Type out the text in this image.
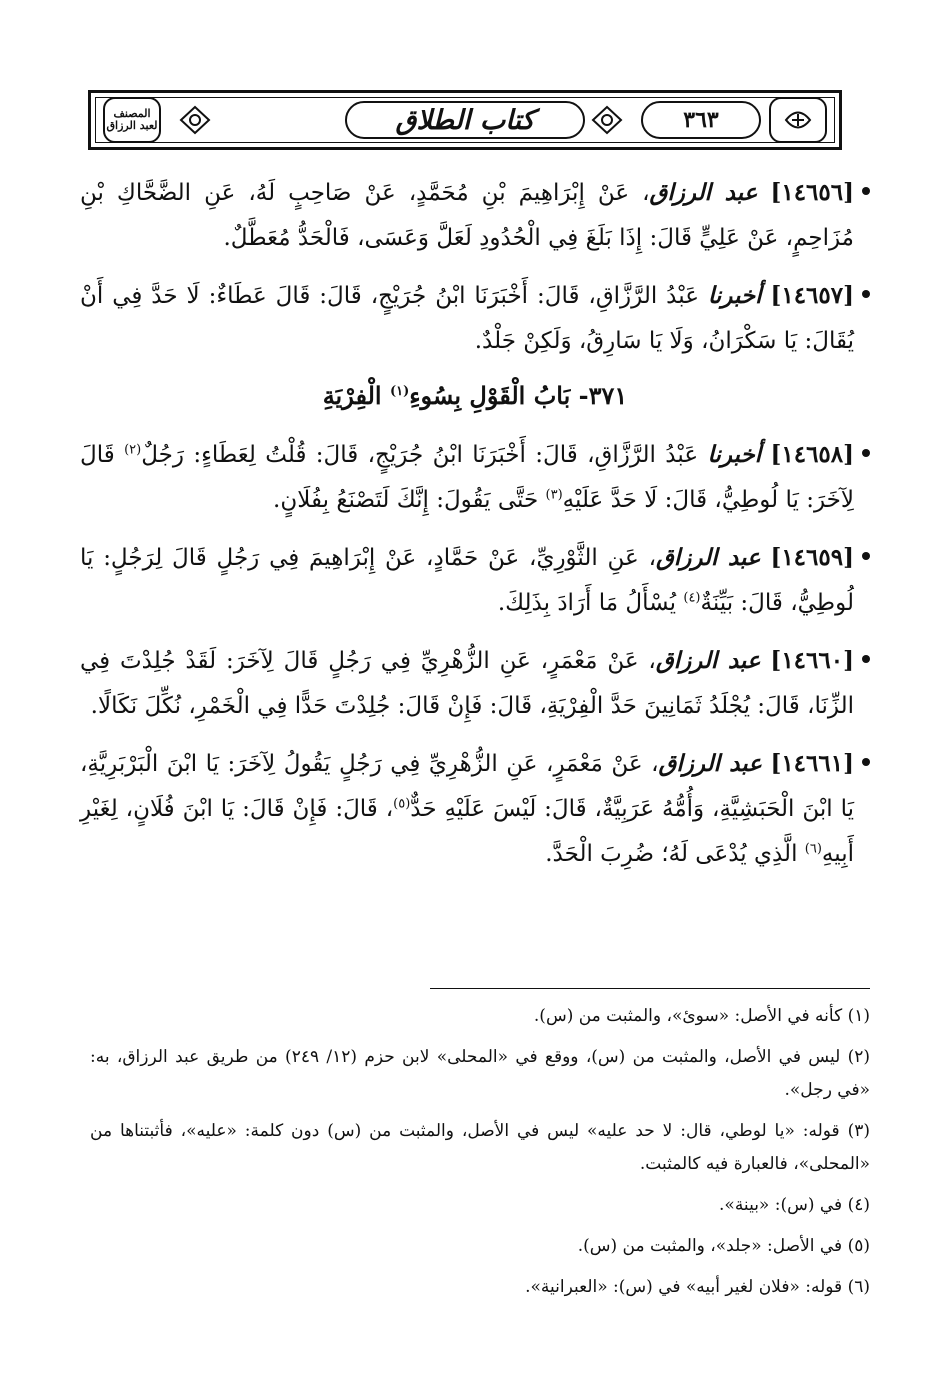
المصنف
لعبد الرزاق	كتاب الطلاق	٣٦٣

[١٤٦٥٦] عبد الرزاق، عَنْ إِبْرَاهِيمَ بْنِ مُحَمَّدٍ، عَنْ صَاحِبٍ لَهُ، عَنِ الضَّحَّاكِ بْنِ مُزَاحِمٍ، عَنْ عَلِيٍّ قَالَ: إِذَا بَلَغَ فِي الْحُدُودِ لَعَلَّ وَعَسَى، فَالْحَدُّ مُعَطَّلٌ.

[١٤٦٥٧] أخبرنا عَبْدُ الرَّزَّاقِ، قَالَ: أَخْبَرَنَا ابْنُ جُرَيْجٍ، قَالَ: قَالَ عَطَاءٌ: لَا حَدَّ فِي أَنْ يُقَالَ: يَا سَكْرَانُ، وَلَا يَا سَارِقُ، وَلَكِنْ جَلْدٌ.

٣٧١- بَابُ الْقَوْلِ بِسُوءِ$^{(١)}$ الْفِرْيَةِ

[١٤٦٥٨] أخبرنا عَبْدُ الرَّزَّاقِ، قَالَ: أَخْبَرَنَا ابْنُ جُرَيْجٍ، قَالَ: قُلْتُ لِعَطَاءٍ: رَجُلٌ$^{(٢)}$ قَالَ لِآخَرَ: يَا لُوطِيُّ، قَالَ: لَا حَدَّ عَلَيْهِ$^{(٣)}$ حَتَّى يَقُولَ: إِنَّكَ لَتَصْنَعُ بِفُلَانٍ.

[١٤٦٥٩] عبد الرزاق، عَنِ الثَّوْرِيِّ، عَنْ حَمَّادٍ، عَنْ إِبْرَاهِيمَ فِي رَجُلٍ قَالَ لِرَجُلٍ: يَا لُوطِيُّ، قَالَ: بَيِّنَةٌ$^{(٤)}$ يُسْأَلُ مَا أَرَادَ بِذَلِكَ.

[١٤٦٦٠] عبد الرزاق، عَنْ مَعْمَرٍ، عَنِ الزُّهْرِيِّ فِي رَجُلٍ قَالَ لِآخَرَ: لَقَدْ جُلِدْتَ فِي الزِّنَا، قَالَ: يُجْلَدُ ثَمَانِينَ حَدَّ الْفِرْيَةِ، قَالَ: فَإِنْ قَالَ: جُلِدْتَ حَدًّا فِي الْخَمْرِ، نُكِّلَ نَكَالًا.

[١٤٦٦١] عبد الرزاق، عَنْ مَعْمَرٍ، عَنِ الزُّهْرِيِّ فِي رَجُلٍ يَقُولُ لِآخَرَ: يَا ابْنَ الْبَرْبَرِيَّةِ، يَا ابْنَ الْحَبَشِيَّةِ، وَأُمُّهُ عَرَبِيَّةٌ، قَالَ: لَيْسَ عَلَيْهِ حَدٌّ$^{(٥)}$، قَالَ: فَإِنْ قَالَ: يَا ابْنَ فُلَانٍ، لِغَيْرِ أَبِيهِ$^{(٦)}$ الَّذِي يُدْعَى لَهُ؛ ضُرِبَ الْحَدَّ.

(١) كأنه في الأصل: «سوئ»، والمثبت من (س).

(٢) ليس في الأصل، والمثبت من (س)، ووقع في «المحلى» لابن حزم (١٢/ ٢٤٩) من طريق عبد الرزاق، به: «في رجل».

(٣) قوله: «يا لوطي، قال: لا حد عليه» ليس في الأصل، والمثبت من (س) دون كلمة: «عليه»، فأثبتناها من «المحلى»، فالعبارة فيه كالمثبت.

(٤) في (س): «بينة».

(٥) في الأصل: «جلد»، والمثبت من (س).

(٦) قوله: «فلان لغير أبيه» في (س): «العبرانية».
